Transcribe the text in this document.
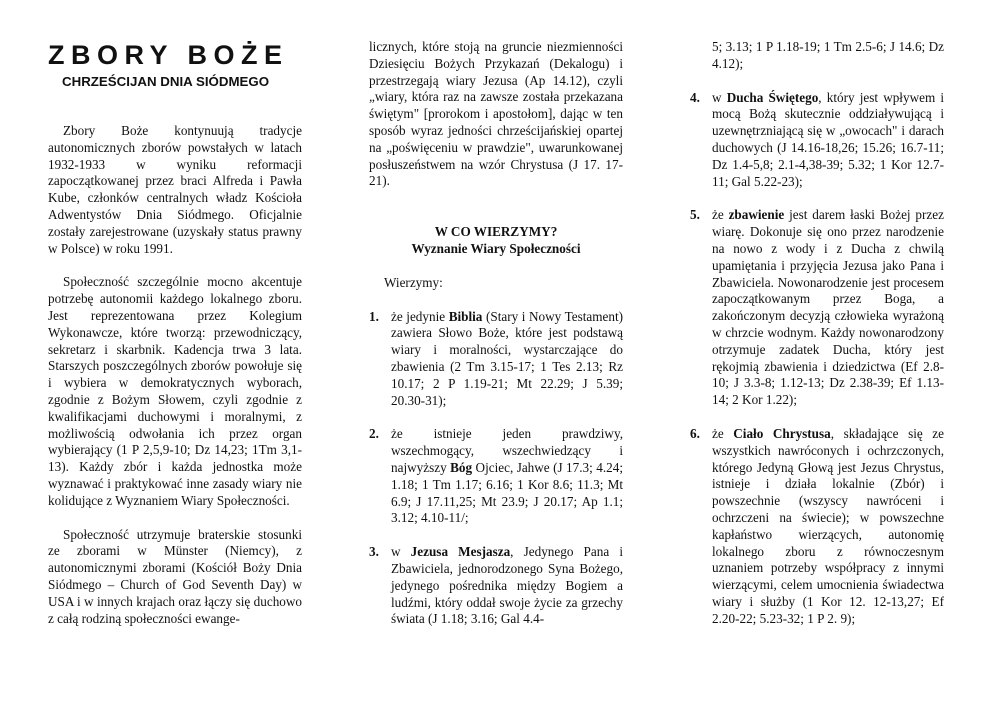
ZBORY BOŻE
CHRZEŚCIJAN DNIA SIÓDMEGO

Zbory Boże kontynuują tradycje autonomicznych zborów powstałych w latach 1932-1933 w wyniku reformacji zapoczątkowanej przez braci Alfreda i Pawła Kube, członków centralnych władz Kościoła Adwentystów Dnia Siódmego. Oficjalnie zostały zarejestrowane (uzyskały status prawny w Polsce) w roku 1991.

Społeczność szczególnie mocno akcentuje potrzebę autonomii każdego lokalnego zboru. Jest reprezentowana przez Kolegium Wykonawcze, które tworzą: przewodniczący, sekretarz i skarbnik. Kadencja trwa 3 lata. Starszych poszczególnych zborów powołuje się i wybiera w demokratycznych wyborach, zgodnie z Bożym Słowem, czyli zgodnie z kwalifikacjami duchowymi i moralnymi, z możliwością odwołania ich przez organ wybierający (1 P 2,5,9-10; Dz 14,23; 1Tm 3,1-13). Każdy zbór i każda jednostka może wyznawać i praktykować inne zasady wiary nie kolidujące z Wyznaniem Wiary Społeczności.

Społeczność utrzymuje braterskie stosunki ze zborami w Münster (Niemcy), z autonomicznymi zborami (Kościół Boży Dnia Siódmego – Church of God Seventh Day) w USA i w innych krajach oraz łączy się duchowo z całą rodziną społeczności ewange-

licznych, które stoją na gruncie niezmienności Dziesięciu Bożych Przykazań (Dekalogu) i przestrzegają wiary Jezusa (Ap 14.12), czyli „wiary, która raz na zawsze została przekazana świętym" [prorokom i apostołom], dając w ten sposób wyraz jedności chrześcijańskiej opartej na „poświęceniu w prawdzie", uwarunkowanej posłuszeństwem na wzór Chrystusa (J 17. 17-21).

W CO WIERZYMY?
Wyznanie Wiary Społeczności

Wierzymy:

1. że jedynie Biblia (Stary i Nowy Testament) zawiera Słowo Boże, które jest podstawą wiary i moralności, wystarczające do zbawienia (2 Tm 3.15-17; 1 Tes 2.13; Rz 10.17; 2 P 1.19-21; Mt 22.29; J 5.39; 20.30-31);
2. że istnieje jeden prawdziwy, wszechmogący, wszechwiedzący i najwyższy Bóg Ojciec, Jahwe (J 17.3; 4.24; 1.18; 1 Tm 1.17; 6.16; 1 Kor 8.6; 11.3; Mt 6.9; J 17.11,25; Mt 23.9; J 20.17; Ap 1.1; 3.12; 4.10-11/;
3. w Jezusa Mesjasza, Jedynego Pana i Zbawiciela, jednorodzonego Syna Bożego, jedynego pośrednika między Bogiem a ludźmi, który oddał swoje życie za grzechy świata (J 1.18; 3.16; Gal 4.4-

5; 3.13; 1 P 1.18-19; 1 Tm 2.5-6; J 14.6; Dz 4.12);

4. w Ducha Świętego, który jest wpływem i mocą Bożą skutecznie oddziaływującą i uzewnętrzniającą się w „owocach" i darach duchowych (J 14.16-18,26; 15.26; 16.7-11; Dz 1.4-5,8; 2.1-4,38-39; 5.32; 1 Kor 12.7-11; Gal 5.22-23);
5. że zbawienie jest darem łaski Bożej przez wiarę. Dokonuje się ono przez narodzenie na nowo z wody i z Ducha z chwilą upamiętania i przyjęcia Jezusa jako Pana i Zbawiciela. Nowonarodzenie jest procesem zapoczątkowanym przez Boga, a zakończonym decyzją człowieka wyrażoną w chrzcie wodnym. Każdy nowonarodzony otrzymuje zadatek Ducha, który jest rękojmią zbawienia i dziedzictwa (Ef 2.8-10; J 3.3-8; 1.12-13; Dz 2.38-39; Ef 1.13-14; 2 Kor 1.22);
6. że Ciało Chrystusa, składające się ze wszystkich nawróconych i ochrzczonych, którego Jedyną Głową jest Jezus Chrystus, istnieje i działa lokalnie (Zbór) i powszechnie (wszyscy nawróceni i ochrzczeni na świecie); w powszechne kapłaństwo wierzących, autonomię lokalnego zboru z równoczesnym uznaniem potrzeby współpracy z innymi wierzącymi, celem umocnienia świadectwa wiary i służby (1 Kor 12. 12-13,27; Ef 2.20-22; 5.23-32; 1 P 2. 9);
